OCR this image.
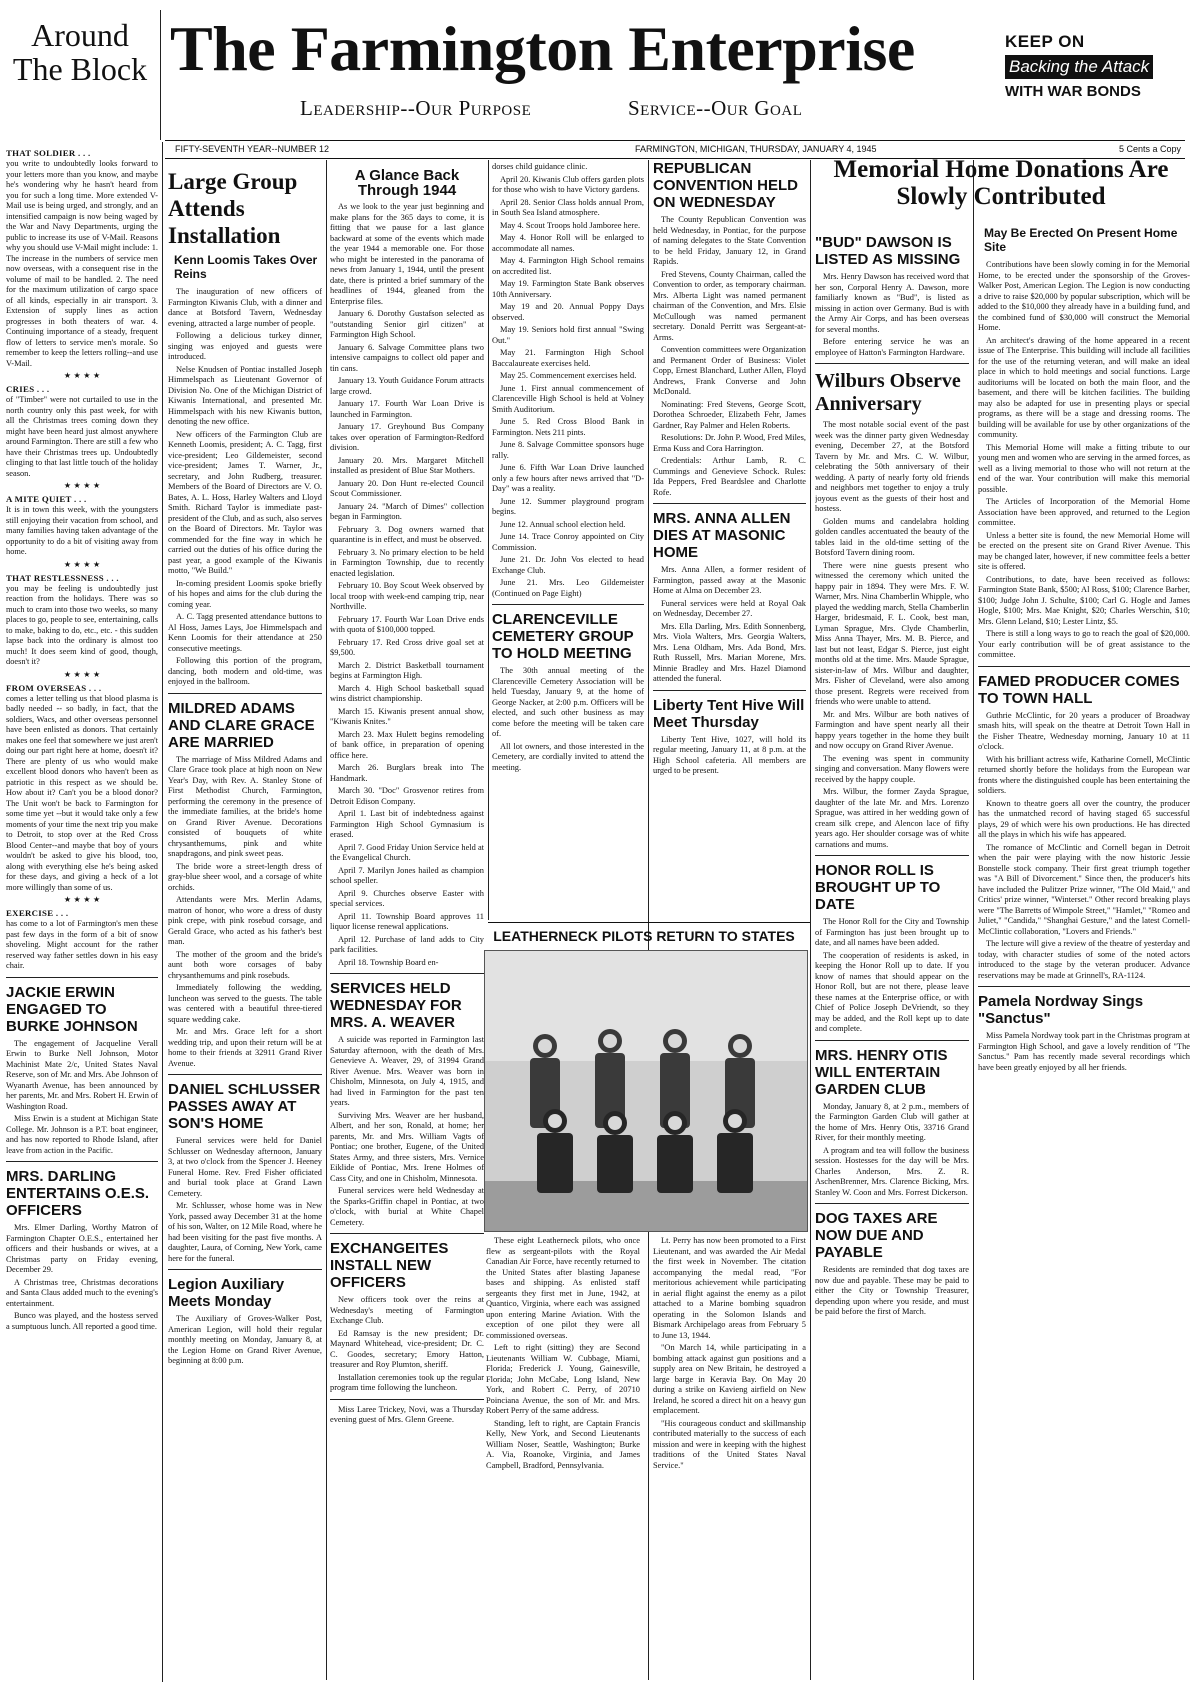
Around
The Block The Farmington Enterprise
Leadership--Our Purpose	Service--Our Goal
KEEP ON
Backing the Attack
WITH WAR BONDS
FIFTY-SEVENTH YEAR--NUMBER 12	FARMINGTON, MICHIGAN, THURSDAY, JANUARY 4, 1945	5 Cents a Copy
THAT SOLDIER . . .

you write to undoubtedly looks forward to your letters more than you know, and maybe he's wondering why he hasn't heard from you for such a long time. More extended V-Mail use is being urged, and strongly, and an intensified campaign is now being waged by the War and Navy Departments, urging the public to increase its use of V-Mail. Reasons why you should use V-Mail might include: 1. The increase in the numbers of service men now overseas, with a consequent rise in the volume of mail to be handled. 2. The need for the maximum utilization of cargo space of all kinds, especially in air transport. 3. Extension of supply lines as action progresses in both theaters of war. 4. Continuing importance of a steady, frequent flow of letters to service men's morale. So remember to keep the letters rolling--and use V-Mail.

★ ★ ★ ★
CRIES . . .

of "Timber" were not curtailed to use in the north country only this past week, for with all the Christmas trees coming down they might have been heard just almost anywhere around Farmington. There are still a few who have their Christmas trees up. Undoubtedly clinging to that last little touch of the holiday season.

★ ★ ★ ★
A MITE QUIET . . .

It is in town this week, with the youngsters still enjoying their vacation from school, and many families having taken advantage of the opportunity to do a bit of visiting away from home.

★ ★ ★ ★
THAT RESTLESSNESS . . .

you may be feeling is undoubtedly just reaction from the holidays. There was so much to cram into those two weeks, so many places to go, people to see, entertaining, calls to make, baking to do, etc., etc. - this sudden lapse back into the ordinary is almost too much! It does seem kind of good, though, doesn't it?

★ ★ ★ ★
FROM OVERSEAS . . .

comes a letter telling us that blood plasma is badly needed -- so badly, in fact, that the soldiers, Wacs, and other overseas personnel have been enlisted as donors. That certainly makes one feel that somewhere we just aren't doing our part right here at home, doesn't it? There are plenty of us who would make excellent blood donors who haven't been as patriotic in this respect as we should be. How about it? Can't you be a blood donor? The Unit won't be back to Farmington for some time yet --but it would take only a few moments of your time the next trip you make to Detroit, to stop over at the Red Cross Blood Center--and maybe that boy of yours wouldn't be asked to give his blood, too, along with everything else he's being asked for these days, and giving a heck of a lot more willingly than some of us.

★ ★ ★ ★
EXERCISE . . .

has come to a lot of Farmington's men these past few days in the form of a bit of snow shoveling. Might account for the rather reserved way father settles down in his easy chair.

JACKIE ERWIN ENGAGED TO BURKE JOHNSON

The engagement of Jacqueline Verall Erwin to Burke Nell Johnson, Motor Machinist Mate 2/c, United States Naval Reserve, son of Mr. and Mrs. Abe Johnson of Wyanarth Avenue, has been announced by her parents, Mr. and Mrs. Robert H. Erwin of Washington Road.

Miss Erwin is a student at Michigan State College. Mr. Johnson is a P.T. boat engineer, and has now reported to Rhode Island, after leave from action in the Pacific.

MRS. DARLING ENTERTAINS O.E.S. OFFICERS

Mrs. Elmer Darling, Worthy Matron of Farmington Chapter O.E.S., entertained her officers and their husbands or wives, at a Christmas party on Friday evening, December 29.

A Christmas tree, Christmas decorations and Santa Claus added much to the evening's entertainment.

Bunco was played, and the hostess served a sumptuous lunch. All reported a good time.

Large Group Attends Installation
Kenn Loomis Takes Over Reins

The inauguration of new officers of Farmington Kiwanis Club, with a dinner and dance at Botsford Tavern, Wednesday evening, attracted a large number of people.

Following a delicious turkey dinner, singing was enjoyed and guests were introduced.

Nelse Knudsen of Pontiac installed Joseph Himmelspach as Lieutenant Governor of Division No. One of the Michigan District of Kiwanis International, and presented Mr. Himmelspach with his new Kiwanis button, denoting the new office.

New officers of the Farmington Club are Kenneth Loomis, president; A. C. Tagg, first vice-president; Leo Gildemeister, second vice-president; James T. Warner, Jr., secretary, and John Rudberg, treasurer. Members of the Board of Directors are V. O. Bates, A. L. Hoss, Harley Walters and Lloyd Smith. Richard Taylor is immediate past-president of the Club, and as such, also serves on the Board of Directors. Mr. Taylor was commended for the fine way in which he carried out the duties of his office during the past year, a good example of the Kiwanis motto, "We Build."

In-coming president Loomis spoke briefly of his hopes and aims for the club during the coming year.

A. C. Tagg presented attendance buttons to Al Hoss, James Lays, Joe Himmelspach and Kenn Loomis for their attendance at 250 consecutive meetings.

Following this portion of the program, dancing, both modern and old-time, was enjoyed in the ballroom.

MILDRED ADAMS AND CLARE GRACE ARE MARRIED

The marriage of Miss Mildred Adams and Clare Grace took place at high noon on New Year's Day, with Rev. A. Stanley Stone of First Methodist Church, Farmington, performing the ceremony in the presence of the immediate families, at the bride's home on Grand River Avenue. Decorations consisted of bouquets of white chrysanthemums, pink and white snapdragons, and pink sweet peas.

The bride wore a street-length dress of gray-blue sheer wool, and a corsage of white orchids.

Attendants were Mrs. Merlin Adams, matron of honor, who wore a dress of dusty pink crepe, with pink rosebud corsage, and Gerald Grace, who acted as his father's best man.

The mother of the groom and the bride's aunt both wore corsages of baby chrysanthemums and pink rosebuds.

Immediately following the wedding, luncheon was served to the guests. The table was centered with a beautiful three-tiered square wedding cake.

Mr. and Mrs. Grace left for a short wedding trip, and upon their return will be at home to their friends at 32911 Grand River Avenue.

DANIEL SCHLUSSER PASSES AWAY AT SON'S HOME

Funeral services were held for Daniel Schlusser on Wednesday afternoon, January 3, at two o'clock from the Spencer J. Heeney Funeral Home. Rev. Fred Fisher officiated and burial took place at Grand Lawn Cemetery.

Mr. Schlusser, whose home was in New York, passed away December 31 at the home of his son, Walter, on 12 Mile Road, where he had been visiting for the past five months. A daughter, Laura, of Corning, New York, came here for the funeral.

Legion Auxiliary Meets Monday

The Auxiliary of Groves-Walker Post, American Legion, will hold their regular monthly meeting on Monday, January 8, at the Legion Home on Grand River Avenue, beginning at 8:00 p.m.

A Glance Back Through 1944

As we look to the year just beginning and make plans for the 365 days to come, it is fitting that we pause for a last glance backward at some of the events which made the year 1944 a memorable one. For those who might be interested in the panorama of news from January 1, 1944, until the present date, there is printed a brief summary of the headlines of 1944, gleaned from the Enterprise files.

January 6. Dorothy Gustafson selected as "outstanding Senior girl citizen" at Farmington High School.

January 6. Salvage Committee plans two intensive campaigns to collect old paper and tin cans.

January 13. Youth Guidance Forum attracts large crowd.

January 17. Fourth War Loan Drive is launched in Farmington.

January 17. Greyhound Bus Company takes over operation of Farmington-Redford division.

January 20. Mrs. Margaret Mitchell installed as president of Blue Star Mothers.

January 20. Don Hunt re-elected Council Scout Commissioner.

January 24. "March of Dimes" collection began in Farmington.

February 3. Dog owners warned that quarantine is in effect, and must be observed.

February 3. No primary election to be held in Farmington Township, due to recently enacted legislation.

February 10. Boy Scout Week observed by local troop with week-end camping trip, near Northville.

February 17. Fourth War Loan Drive ends with quota of $100,000 topped.

February 17. Red Cross drive goal set at $9,500.

March 2. District Basketball tournament begins at Farmington High.

March 4. High School basketball squad wins district championship.

March 15. Kiwanis present annual show, "Kiwanis Knites."

March 23. Max Hulett begins remodeling of bank office, in preparation of opening office here.

March 26. Burglars break into The Handmark.

March 30. "Doc" Grosvenor retires from Detroit Edison Company.

April 1. Last bit of indebtedness against Farmington High School Gymnasium is erased.

April 7. Good Friday Union Service held at the Evangelical Church.

April 7. Marilyn Jones hailed as champion school speller.

April 9. Churches observe Easter with special services.

April 11. Township Board approves 11 liquor license renewal applications.

April 12. Purchase of land adds to City park facilities.

April 18. Township Board en-

SERVICES HELD WEDNESDAY FOR MRS. A. WEAVER

A suicide was reported in Farmington last Saturday afternoon, with the death of Mrs. Genevieve A. Weaver, 29, of 31994 Grand River Avenue. Mrs. Weaver was born in Chisholm, Minnesota, on July 4, 1915, and had lived in Farmington for the past ten years.

Surviving Mrs. Weaver are her husband, Albert, and her son, Ronald, at home; her parents, Mr. and Mrs. William Vagts of Pontiac; one brother, Eugene, of the United States Army, and three sisters, Mrs. Vernice Eiklide of Pontiac, Mrs. Irene Holmes of Cass City, and one in Chisholm, Minnesota.

Funeral services were held Wednesday at the Sparks-Griffin chapel in Pontiac, at two o'clock, with burial at White Chapel Cemetery.

EXCHANGEITES INSTALL NEW OFFICERS

New officers took over the reins at Wednesday's meeting of Farmington Exchange Club.

Ed Ramsay is the new president; Dr. Maynard Whitehead, vice-president; Dr. C. C. Goodes, secretary; Emory Hatton, treasurer and Roy Plumton, sheriff.

Installation ceremonies took up the regular program time following the luncheon.

Miss Laree Trickey, Novi, was a Thursday evening guest of Mrs. Glenn Greene.

dorses child guidance clinic.

April 20. Kiwanis Club offers garden plots for those who wish to have Victory gardens.

April 28. Senior Class holds annual Prom, in South Sea Island atmosphere.

May 4. Scout Troops hold Jamboree here.

May 4. Honor Roll will be enlarged to accommodate all names.

May 4. Farmington High School remains on accredited list.

May 19. Farmington State Bank observes 10th Anniversary.

May 19 and 20. Annual Poppy Days observed.

May 19. Seniors hold first annual "Swing Out."

May 21. Farmington High School Baccalaureate exercises held.

May 25. Commencement exercises held.

June 1. First annual commencement of Clarenceville High School is held at Volney Smith Auditorium.

June 5. Red Cross Blood Bank in Farmington. Nets 211 pints.

June 8. Salvage Committee sponsors huge rally.

June 6. Fifth War Loan Drive launched only a few hours after news arrived that "D-Day" was a reality.

June 12. Summer playground program begins.

June 12. Annual school election held.

June 14. Trace Conroy appointed on City Commission.

June 21. Dr. John Vos elected to head Exchange Club.

June 21. Mrs. Leo Gildemeister (Continued on Page Eight)

CLARENCEVILLE CEMETERY GROUP TO HOLD MEETING

The 30th annual meeting of the Clarenceville Cemetery Association will be held Tuesday, January 9, at the home of George Nacker, at 2:00 p.m. Officers will be elected, and such other business as may come before the meeting will be taken care of.

All lot owners, and those interested in the Cemetery, are cordially invited to attend the meeting.

REPUBLICAN CONVENTION HELD ON WEDNESDAY

The County Republican Convention was held Wednesday, in Pontiac, for the purpose of naming delegates to the State Convention to be held Friday, January 12, in Grand Rapids.

Fred Stevens, County Chairman, called the Convention to order, as temporary chairman. Mrs. Alberta Light was named permanent chairman of the Convention, and Mrs. Elsie McCullough was named permanent secretary. Donald Perritt was Sergeant-at-Arms.

Convention committees were Organization and Permanent Order of Business: Violet Copp, Ernest Blanchard, Luther Allen, Floyd Andrews, Frank Converse and John McDonald.

Nominating: Fred Stevens, George Scott, Dorothea Schroeder, Elizabeth Fehr, James Gardner, Ray Palmer and Helen Roberts.

Resolutions: Dr. John P. Wood, Fred Miles, Erma Kuss and Cora Harrington.

Credentials: Arthur Lamb, R. C. Cummings and Genevieve Schock. Rules: Ida Peppers, Fred Beardslee and Charlotte Rofe.

MRS. ANNA ALLEN DIES AT MASONIC HOME

Mrs. Anna Allen, a former resident of Farmington, passed away at the Masonic Home at Alma on December 23.

Funeral services were held at Royal Oak on Wednesday, December 27.

Mrs. Ella Darling, Mrs. Edith Sonnenberg, Mrs. Viola Walters, Mrs. Georgia Walters, Mrs. Lena Oldham, Mrs. Ada Bond, Mrs. Ruth Russell, Mrs. Marian Morene, Mrs. Minnie Bradley and Mrs. Hazel Diamond attended the funeral.

Liberty Tent Hive Will Meet Thursday

Liberty Tent Hive, 1027, will hold its regular meeting, January 11, at 8 p.m. at the High School cafeteria. All members are urged to be present.

LEATHERNECK PILOTS RETURN TO STATES

These eight Leatherneck pilots, who once flew as sergeant-pilots with the Royal Canadian Air Force, have recently returned to the United States after blasting Japanese bases and shipping. As enlisted staff sergeants they first met in June, 1942, at Quantico, Virginia, where each was assigned upon entering Marine Aviation. With the exception of one pilot they were all commissioned overseas.

Left to right (sitting) they are Second Lieutenants William W. Cubbage, Miami, Florida; Frederick J. Young, Gainesville, Florida; John McCabe, Long Island, New York, and Robert C. Perry, of 20710 Poinciana Avenue, the son of Mr. and Mrs. Robert Perry of the same address.

Standing, left to right, are Captain Francis Kelly, New York, and Second Lieutenants William Noser, Seattle, Washington; Burke A. Via, Roanoke, Virginia, and James Campbell, Bradford, Pennsylvania.

Lt. Perry has now been promoted to a First Lieutenant, and was awarded the Air Medal the first week in November. The citation accompanying the medal read, "For meritorious achievement while participating in aerial flight against the enemy as a pilot attached to a Marine bombing squadron operating in the Solomon Islands and Bismark Archipelago areas from February 5 to June 13, 1944.

"On March 14, while participating in a bombing attack against gun positions and a supply area on New Britain, he destroyed a large barge in Keravia Bay. On May 20 during a strike on Kavieng airfield on New Ireland, he scored a direct hit on a heavy gun emplacement.

"His courageous conduct and skillmanship contributed materially to the success of each mission and were in keeping with the highest traditions of the United States Naval Service."

"BUD" DAWSON IS LISTED AS MISSING

Mrs. Henry Dawson has received word that her son, Corporal Henry A. Dawson, more familiarly known as "Bud", is listed as missing in action over Germany. Bud is with the Army Air Corps, and has been overseas for several months.

Before entering service he was an employee of Hatton's Farmington Hardware.

Wilburs Observe Anniversary

The most notable social event of the past week was the dinner party given Wednesday evening, December 27, at the Botsford Tavern by Mr. and Mrs. C. W. Wilbur, celebrating the 50th anniversary of their wedding. A party of nearly forty old friends and neighbors met together to enjoy a truly joyous event as the guests of their host and hostess.

Golden mums and candelabra holding golden candles accentuated the beauty of the tables laid in the old-time setting of the Botsford Tavern dining room.

There were nine guests present who witnessed the ceremony which united the happy pair in 1894. They were Mrs. F. W. Warner, Mrs. Nina Chamberlin Whipple, who played the wedding march, Stella Chamberlin Harger, bridesmaid, F. L. Cook, best man, Lyman Sprague, Mrs. Clyde Chamberlin, Miss Anna Thayer, Mrs. M. B. Pierce, and last but not least, Edgar S. Pierce, just eight months old at the time. Mrs. Maude Sprague, sister-in-law of Mrs. Wilbur and daughter, Mrs. Fisher of Cleveland, were also among those present. Regrets were received from friends who were unable to attend.

Mr. and Mrs. Wilbur are both natives of Farmington and have spent nearly all their happy years together in the home they built and now occupy on Grand River Avenue.

The evening was spent in community singing and conversation. Many flowers were received by the happy couple.

Mrs. Wilbur, the former Zayda Sprague, daughter of the late Mr. and Mrs. Lorenzo Sprague, was attired in her wedding gown of cream silk crepe, and Alencon lace of fifty years ago. Her shoulder corsage was of white carnations and mums.

HONOR ROLL IS BROUGHT UP TO DATE

The Honor Roll for the City and Township of Farmington has just been brought up to date, and all names have been added.

The cooperation of residents is asked, in keeping the Honor Roll up to date. If you know of names that should appear on the Honor Roll, but are not there, please leave these names at the Enterprise office, or with Chief of Police Joseph DeVriendt, so they may be added, and the Roll kept up to date and complete.

MRS. HENRY OTIS WILL ENTERTAIN GARDEN CLUB

Monday, January 8, at 2 p.m., members of the Farmington Garden Club will gather at the home of Mrs. Henry Otis, 33716 Grand River, for their monthly meeting.

A program and tea will follow the business session. Hostesses for the day will be Mrs. Charles Anderson, Mrs. Z. R. AschenBrenner, Mrs. Clarence Bicking, Mrs. Stanley W. Coon and Mrs. Forrest Dickerson.

DOG TAXES ARE NOW DUE AND PAYABLE

Residents are reminded that dog taxes are now due and payable. These may be paid to either the City or Township Treasurer, depending upon where you reside, and must be paid before the first of March.

Memorial Home Donations Are Slowly Contributed
May Be Erected On Present Home Site

Contributions have been slowly coming in for the Memorial Home, to be erected under the sponsorship of the Groves-Walker Post, American Legion. The Legion is now conducting a drive to raise $20,000 by popular subscription, which will be added to the $10,000 they already have in a building fund, and the combined fund of $30,000 will construct the Memorial Home.

An architect's drawing of the home appeared in a recent issue of The Enterprise. This building will include all facilities for the use of the returning veteran, and will make an ideal place in which to hold meetings and social functions. Large auditoriums will be located on both the main floor, and the basement, and there will be kitchen facilities. The building may also be adapted for use in presenting plays or special programs, as there will be a stage and dressing rooms. The building will be available for use by other organizations of the community.

This Memorial Home will make a fitting tribute to our young men and women who are serving in the armed forces, as well as a living memorial to those who will not return at the end of the war. Your contribution will make this memorial possible.

The Articles of Incorporation of the Memorial Home Association have been approved, and returned to the Legion committee.

Unless a better site is found, the new Memorial Home will be erected on the present site on Grand River Avenue. This may be changed later, however, if new committee feels a better site is offered.

Contributions, to date, have been received as follows: Farmington State Bank, $500; Al Ross, $100; Clarence Barber, $100; Judge John J. Schulte, $100; Carl G. Hogle and James Hogle, $100; Mrs. Mae Knight, $20; Charles Werschin, $10; Mrs. Glenn Leland, $10; Lester Lintz, $5.

There is still a long ways to go to reach the goal of $20,000. Your early contribution will be of great assistance to the committee.

FAMED PRODUCER COMES TO TOWN HALL

Guthrie McClintic, for 20 years a producer of Broadway smash hits, will speak on the theatre at Detroit Town Hall in the Fisher Theatre, Wednesday morning, January 10 at 11 o'clock.

With his brilliant actress wife, Katharine Cornell, McClintic returned shortly before the holidays from the European war fronts where the distinguished couple has been entertaining the soldiers.

Known to theatre goers all over the country, the producer has the unmatched record of having staged 65 successful plays, 29 of which were his own productions. He has directed all the plays in which his wife has appeared.

The romance of McClintic and Cornell began in Detroit when the pair were playing with the now historic Jessie Bonstelle stock company. Their first great triumph together was "A Bill of Divorcement." Since then, the producer's hits have included the Pulitzer Prize winner, "The Old Maid," and Critics' prize winner, "Winterset." Other record breaking plays were "The Barretts of Wimpole Street," "Hamlet," "Romeo and Juliet," "Candida," "Shanghai Gesture," and the latest Cornell-McClintic collaboration, "Lovers and Friends."

The lecture will give a review of the theatre of yesterday and today, with character studies of some of the noted actors introduced to the stage by the veteran producer. Advance reservations may be made at Grinnell's, RA-1124.

Pamela Nordway Sings "Sanctus"

Miss Pamela Nordway took part in the Christmas program at Farmington High School, and gave a lovely rendition of "The Sanctus." Pam has recently made several recordings which have been greatly enjoyed by all her friends.
